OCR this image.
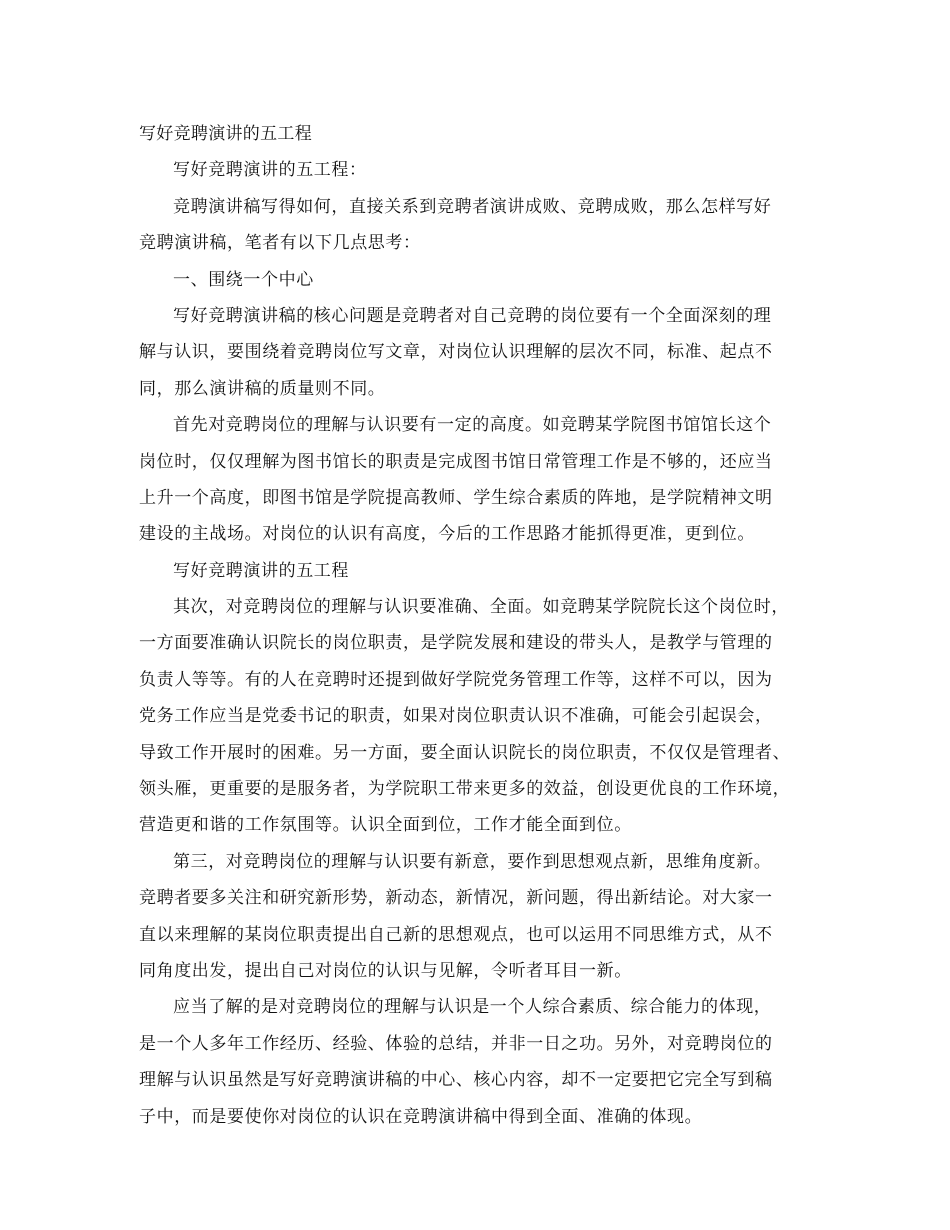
写好竞聘演讲的五工程
写好竞聘演讲的五工程：
竞聘演讲稿写得如何，直接关系到竞聘者演讲成败、竞聘成败，那么怎样写好
竞聘演讲稿，笔者有以下几点思考：
一、围绕一个中心
写好竞聘演讲稿的核心问题是竞聘者对自己竞聘的岗位要有一个全面深刻的理
解与认识，要围绕着竞聘岗位写文章，对岗位认识理解的层次不同，标准、起点不
同，那么演讲稿的质量则不同。
首先对竞聘岗位的理解与认识要有一定的高度。如竞聘某学院图书馆馆长这个
岗位时，仅仅理解为图书馆长的职责是完成图书馆日常管理工作是不够的，还应当
上升一个高度，即图书馆是学院提高教师、学生综合素质的阵地，是学院精神文明
建设的主战场。对岗位的认识有高度，今后的工作思路才能抓得更准，更到位。
写好竞聘演讲的五工程
其次，对竞聘岗位的理解与认识要准确、全面。如竞聘某学院院长这个岗位时，
一方面要准确认识院长的岗位职责，是学院发展和建设的带头人，是教学与管理的
负责人等等。有的人在竞聘时还提到做好学院党务管理工作等，这样不可以，因为
党务工作应当是党委书记的职责，如果对岗位职责认识不准确，可能会引起误会，
导致工作开展时的困难。另一方面，要全面认识院长的岗位职责，不仅仅是管理者、
领头雁，更重要的是服务者，为学院职工带来更多的效益，创设更优良的工作环境，
营造更和谐的工作氛围等。认识全面到位，工作才能全面到位。
第三，对竞聘岗位的理解与认识要有新意，要作到思想观点新，思维角度新。
竞聘者要多关注和研究新形势，新动态，新情况，新问题，得出新结论。对大家一
直以来理解的某岗位职责提出自己新的思想观点，也可以运用不同思维方式，从不
同角度出发，提出自己对岗位的认识与见解，令听者耳目一新。
应当了解的是对竞聘岗位的理解与认识是一个人综合素质、综合能力的体现，
是一个人多年工作经历、经验、体验的总结，并非一日之功。另外，对竞聘岗位的
理解与认识虽然是写好竞聘演讲稿的中心、核心内容，却不一定要把它完全写到稿
子中，而是要使你对岗位的认识在竞聘演讲稿中得到全面、准确的体现。
